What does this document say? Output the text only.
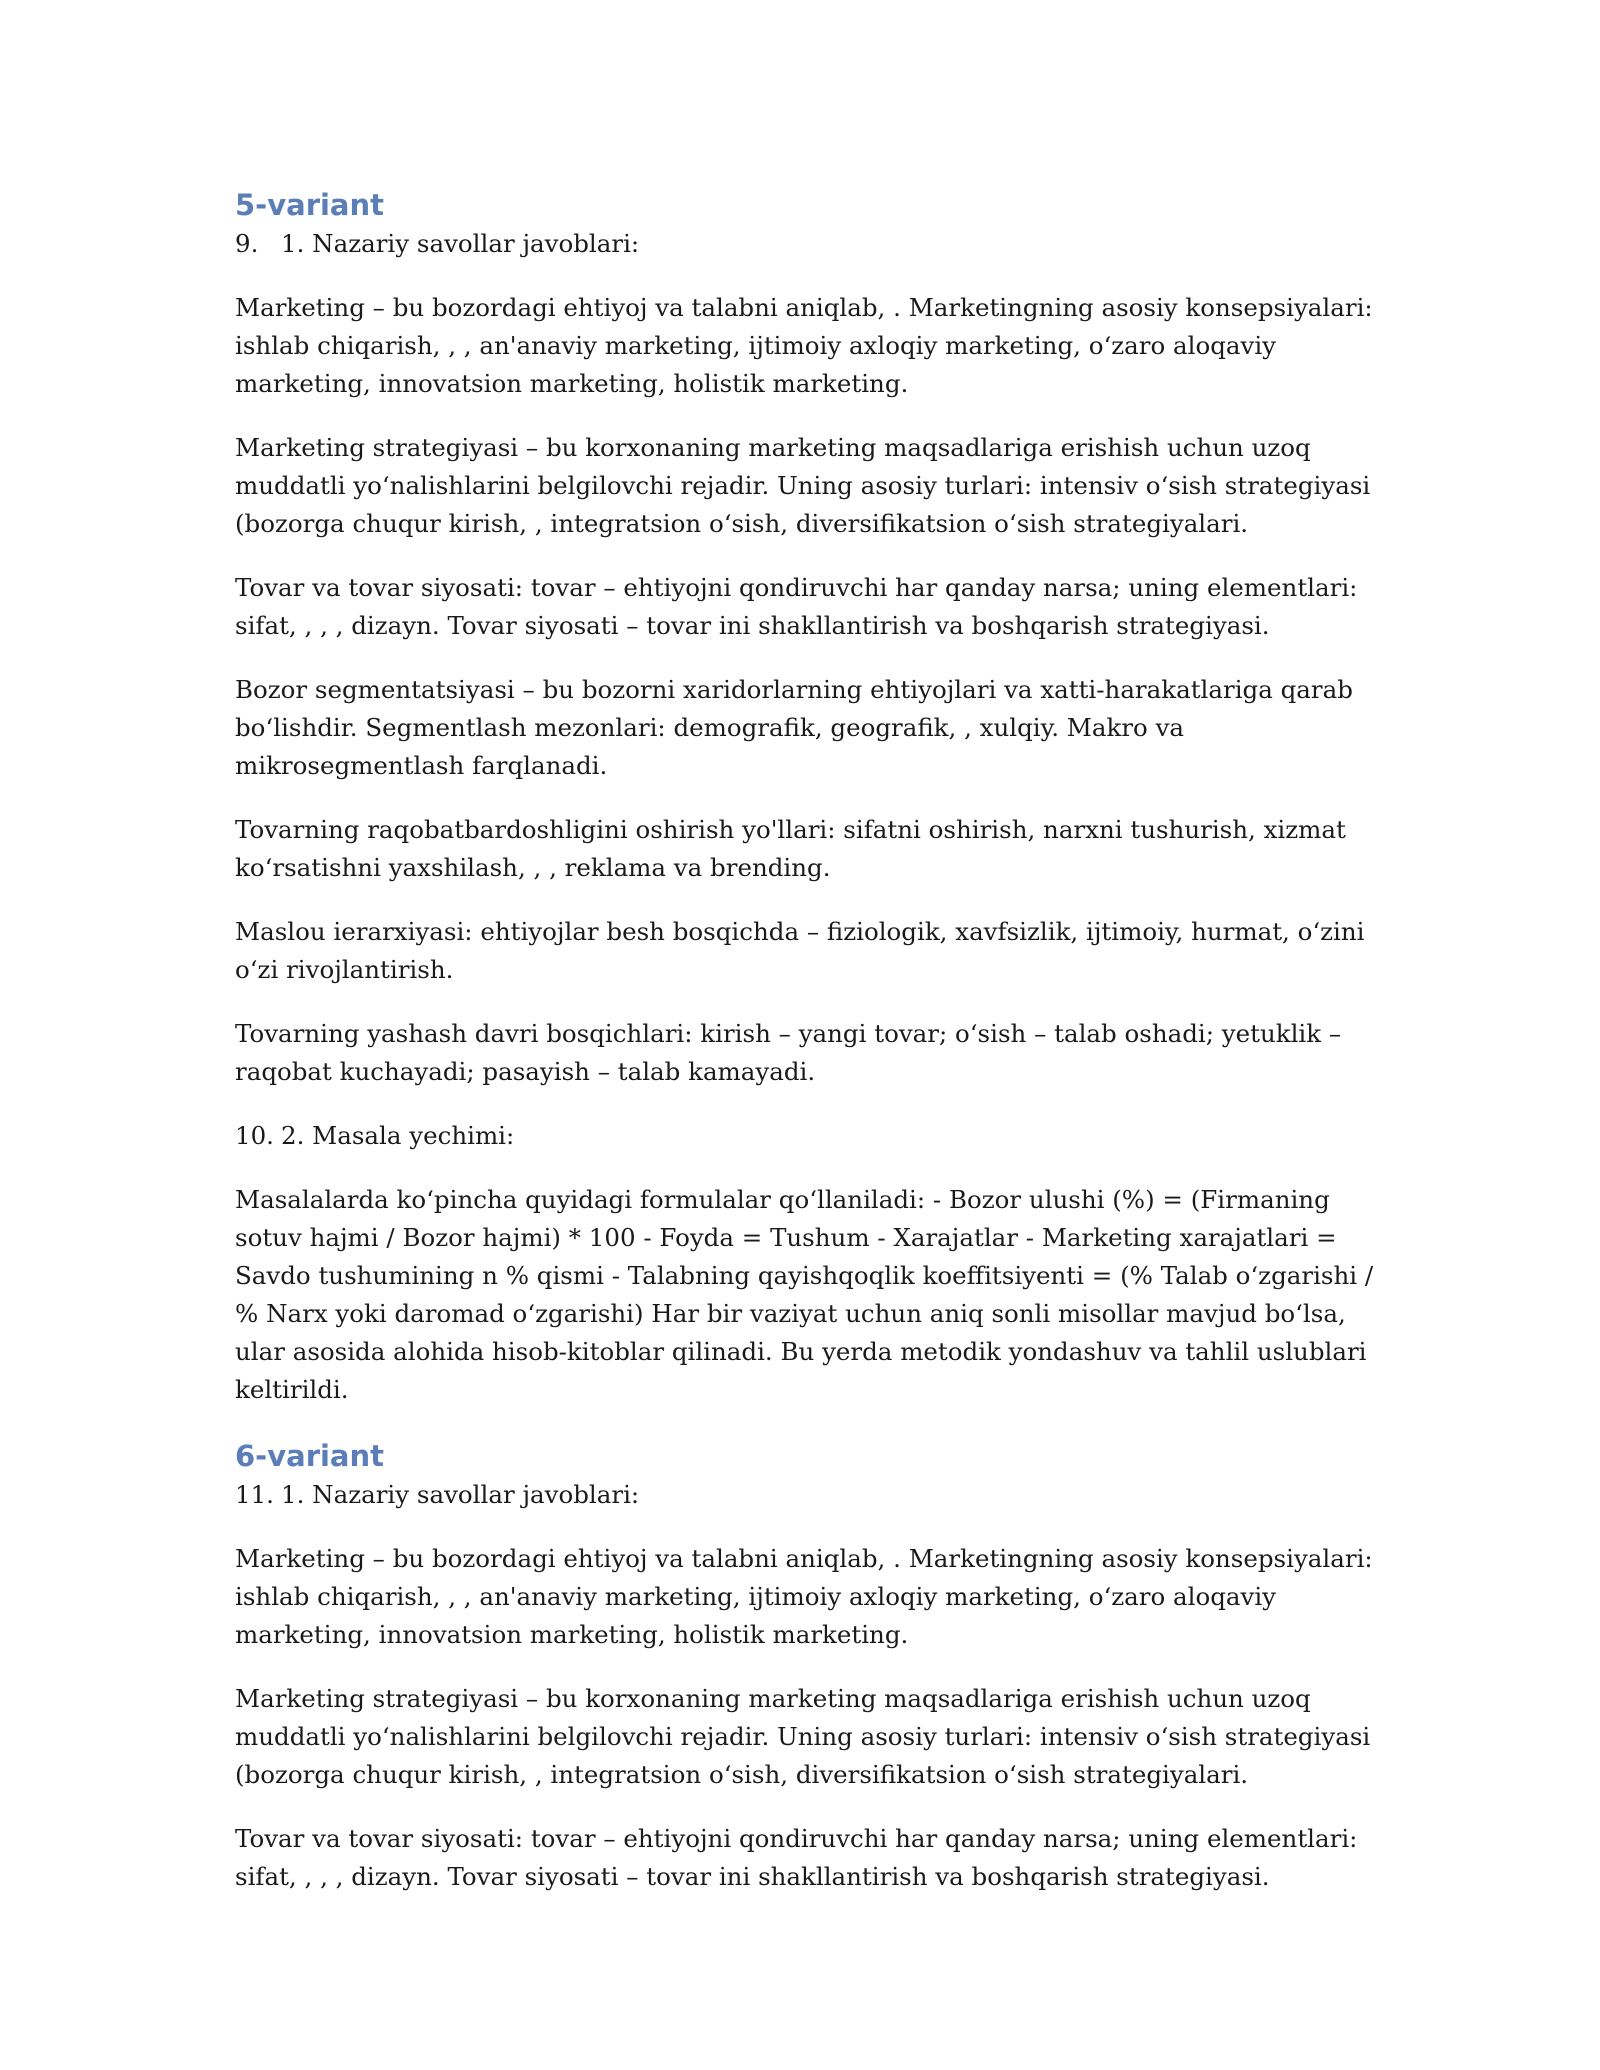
5-variant
9. 1. Nazariy savollar javoblari:

Marketing – bu bozordagi ehtiyoj va talabni aniqlab, . Marketingning asosiy konsepsiyalari: ishlab chiqarish, , , an'anaviy marketing, ijtimoiy axloqiy marketing, oʻzaro aloqaviy marketing, innovatsion marketing, holistik marketing.

Marketing strategiyasi – bu korxonaning marketing maqsadlariga erishish uchun uzoq muddatli yoʻnalishlarini belgilovchi rejadir. Uning asosiy turlari: intensiv oʻsish strategiyasi (bozorga chuqur kirish, , integratsion oʻsish, diversifikatsion oʻsish strategiyalari.

Tovar va tovar siyosati: tovar – ehtiyojni qondiruvchi har qanday narsa; uning elementlari: sifat, , , , dizayn. Tovar siyosati – tovar ini shakllantirish va boshqarish strategiyasi.

Bozor segmentatsiyasi – bu bozorni xaridorlarning ehtiyojlari va xatti-harakatlariga qarab boʻlishdir. Segmentlash mezonlari: demografik, geografik, , xulqiy. Makro va mikrosegmentlash farqlanadi.

Tovarning raqobatbardoshligini oshirish yo'llari: sifatni oshirish, narxni tushurish, xizmat koʻrsatishni yaxshilash, , , reklama va brending.

Maslou ierarxiyasi: ehtiyojlar besh bosqichda – fiziologik, xavfsizlik, ijtimoiy, hurmat, oʻzini oʻzi rivojlantirish.

Tovarning yashash davri bosqichlari: kirish – yangi tovar; oʻsish – talab oshadi; yetuklik – raqobat kuchayadi; pasayish – talab kamayadi.

10. 2. Masala yechimi:

Masalalarda koʻpincha quyidagi formulalar qoʻllaniladi: - Bozor ulushi (%) = (Firmaning sotuv hajmi / Bozor hajmi) * 100 - Foyda = Tushum - Xarajatlar - Marketing xarajatlari = Savdo tushumining n % qismi - Talabning qayishqoqlik koeffitsiyenti = (% Talab oʻzgarishi / % Narx yoki daromad oʻzgarishi) Har bir vaziyat uchun aniq sonli misollar mavjud boʻlsa, ular asosida alohida hisob-kitoblar qilinadi. Bu yerda metodik yondashuv va tahlil uslublari keltirildi.

6-variant
11. 1. Nazariy savollar javoblari:

Marketing – bu bozordagi ehtiyoj va talabni aniqlab, . Marketingning asosiy konsepsiyalari: ishlab chiqarish, , , an'anaviy marketing, ijtimoiy axloqiy marketing, oʻzaro aloqaviy marketing, innovatsion marketing, holistik marketing.

Marketing strategiyasi – bu korxonaning marketing maqsadlariga erishish uchun uzoq muddatli yoʻnalishlarini belgilovchi rejadir. Uning asosiy turlari: intensiv oʻsish strategiyasi (bozorga chuqur kirish, , integratsion oʻsish, diversifikatsion oʻsish strategiyalari.

Tovar va tovar siyosati: tovar – ehtiyojni qondiruvchi har qanday narsa; uning elementlari: sifat, , , , dizayn. Tovar siyosati – tovar ini shakllantirish va boshqarish strategiyasi.
